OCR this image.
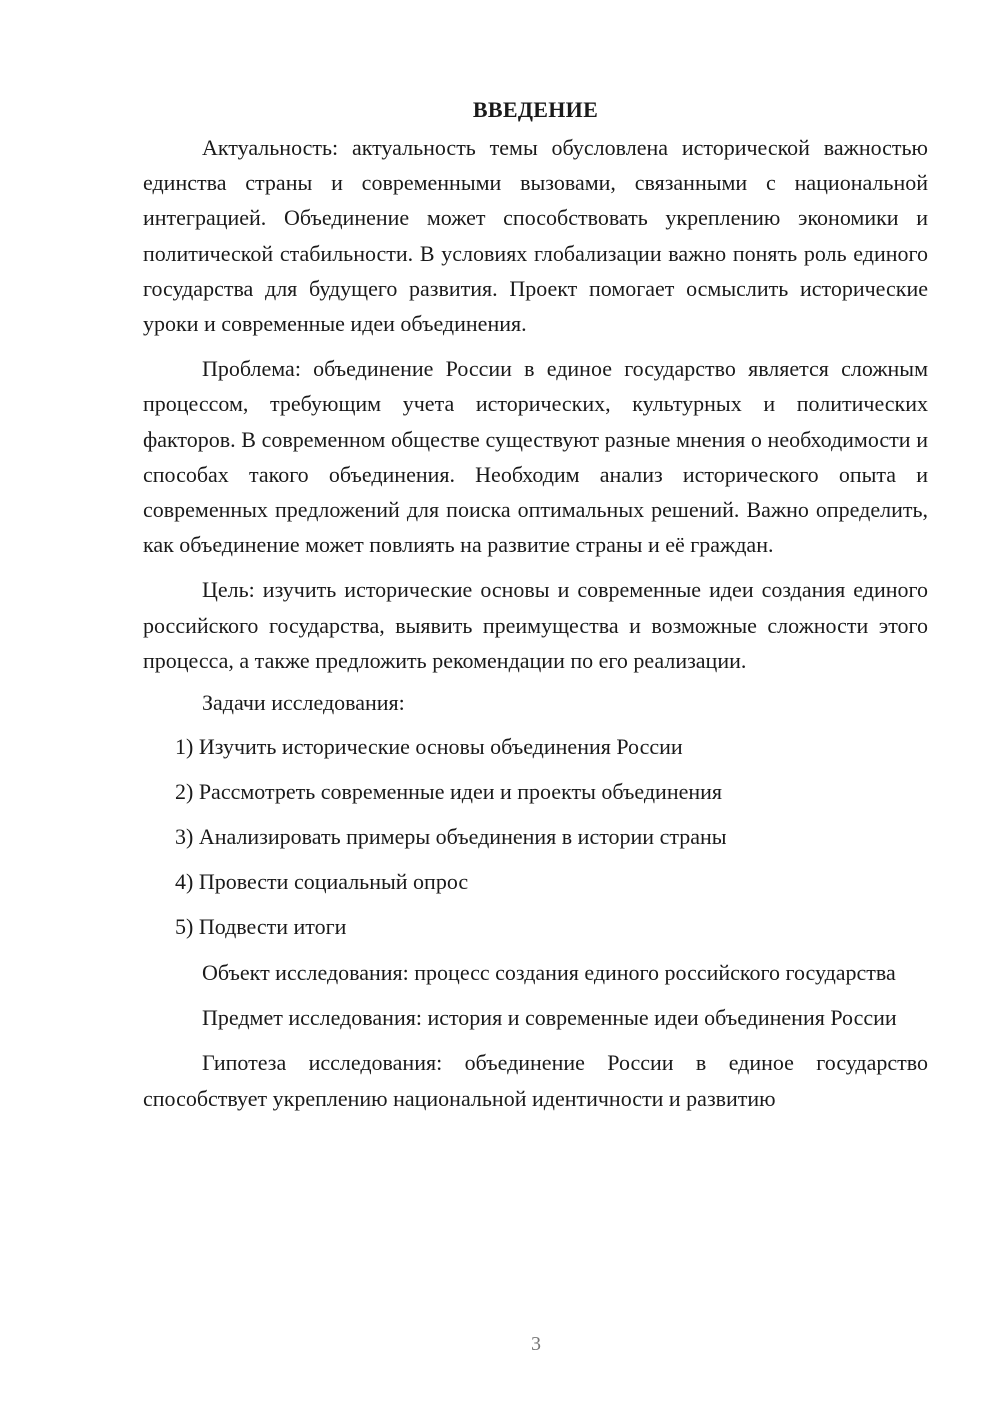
ВВЕДЕНИЕ

Актуальность: актуальность темы обусловлена исторической важностью единства страны и современными вызовами, связанными с национальной интеграцией. Объединение может способствовать укреплению экономики и политической стабильности. В условиях глобализации важно понять роль единого государства для будущего развития. Проект помогает осмыслить исторические уроки и современные идеи объединения.

Проблема: объединение России в единое государство является сложным процессом, требующим учета исторических, культурных и политических факторов. В современном обществе существуют разные мнения о необходимости и способах такого объединения. Необходим анализ исторического опыта и современных предложений для поиска оптимальных решений. Важно определить, как объединение может повлиять на развитие страны и её граждан.

Цель: изучить исторические основы и современные идеи создания единого российского государства, выявить преимущества и возможные сложности этого процесса, а также предложить рекомендации по его реализации.

Задачи исследования:
1) Изучить исторические основы объединения России
2) Рассмотреть современные идеи и проекты объединения
3) Анализировать примеры объединения в истории страны
4) Провести социальный опрос
5) Подвести итоги

Объект исследования: процесс создания единого российского государства

Предмет исследования: история и современные идеи объединения России

Гипотеза исследования: объединение России в единое государство способствует укреплению национальной идентичности и развитию

3
